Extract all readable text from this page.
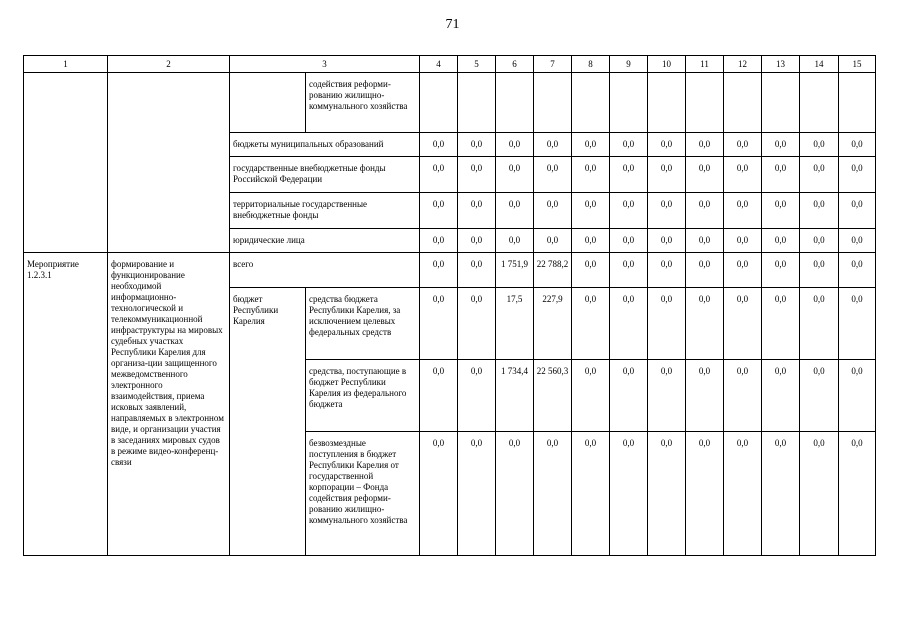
71
1	2	3		4	5	6	7	8	9	10	11	12	13	14	15
			содействия реформи-рованию жилищно-коммунального хозяйства												
		бюджеты муниципальных образований		0,0	0,0	0,0	0,0	0,0	0,0	0,0	0,0	0,0	0,0	0,0	0,0
		государственные внебюджетные фонды Российской Федерации		0,0	0,0	0,0	0,0	0,0	0,0	0,0	0,0	0,0	0,0	0,0	0,0
		территориальные государственные внебюджетные фонды		0,0	0,0	0,0	0,0	0,0	0,0	0,0	0,0	0,0	0,0	0,0	0,0
		юридические лица		0,0	0,0	0,0	0,0	0,0	0,0	0,0	0,0	0,0	0,0	0,0	0,0
Мероприятие 1.2.3.1	формирование и функционирование необходимой информационно-технологической и телекоммуникационной инфраструктуры на мировых судебных участках Республики Карелия для организа-ции защищенного межведомственного электронного взаимодействия, приема исковых заявлений, направляемых в электронном виде, и организации участия в заседаниях мировых судов в режиме видео-конференц-связи	всего		0,0	0,0	1 751,9	22 788,2	0,0	0,0	0,0	0,0	0,0	0,0	0,0	0,0
		бюджет Республики Карелия	средства бюджета Республики Карелия, за исключением целевых федеральных средств	0,0	0,0	17,5	227,9	0,0	0,0	0,0	0,0	0,0	0,0	0,0	0,0
			средства, поступающие в бюджет Республики Карелия из федерального бюджета	0,0	0,0	1 734,4	22 560,3	0,0	0,0	0,0	0,0	0,0	0,0	0,0	0,0
			безвозмездные поступления в бюджет Республики Карелия от государственной корпорации – Фонда содействия реформи-рованию жилищно-коммунального хозяйства	0,0	0,0	0,0	0,0	0,0	0,0	0,0	0,0	0,0	0,0	0,0	0,0
